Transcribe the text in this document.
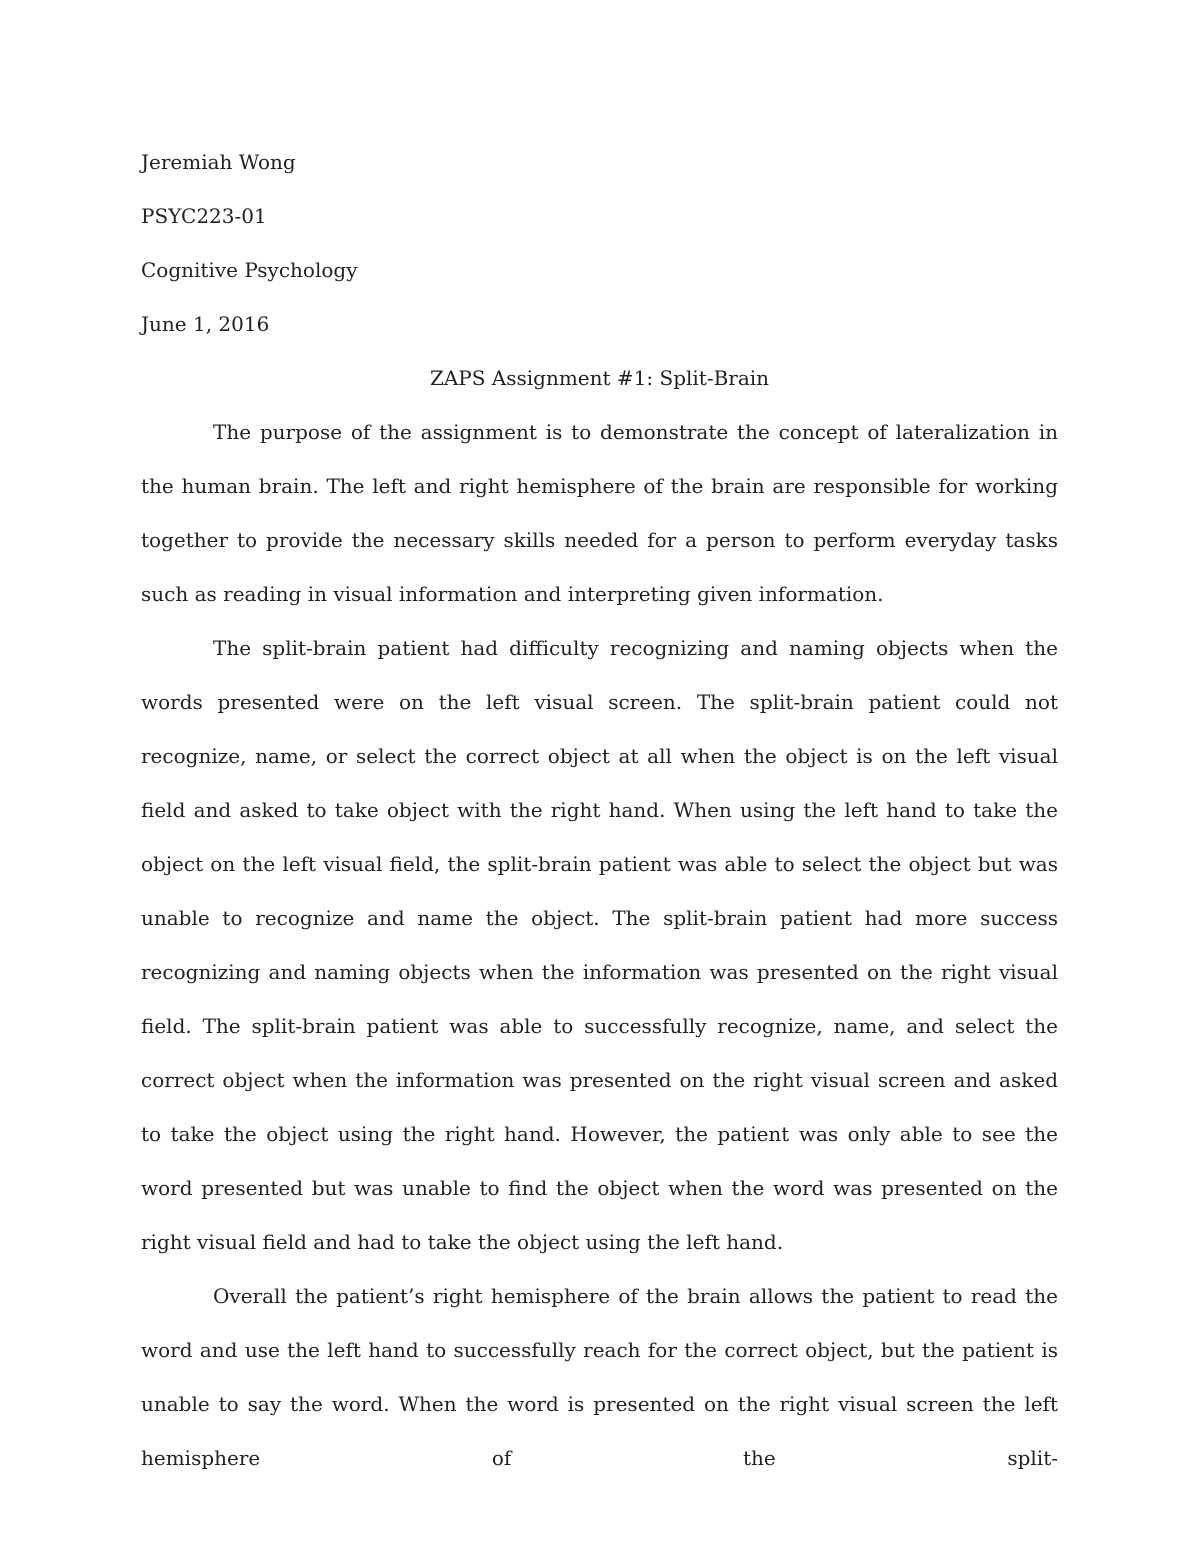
Jeremiah Wong
PSYC223-01
Cognitive Psychology
June 1, 2016
ZAPS Assignment #1: Split-Brain

The purpose of the assignment is to demonstrate the concept of lateralization in the human brain. The left and right hemisphere of the brain are responsible for working together to provide the necessary skills needed for a person to perform everyday tasks such as reading in visual information and interpreting given information.

The split-brain patient had difficulty recognizing and naming objects when the words presented were on the left visual screen. The split-brain patient could not recognize, name, or select the correct object at all when the object is on the left visual field and asked to take object with the right hand. When using the left hand to take the object on the left visual field, the split-brain patient was able to select the object but was unable to recognize and name the object. The split-brain patient had more success recognizing and naming objects when the information was presented on the right visual field. The split-brain patient was able to successfully recognize, name, and select the correct object when the information was presented on the right visual screen and asked to take the object using the right hand. However, the patient was only able to see the word presented but was unable to find the object when the word was presented on the right visual field and had to take the object using the left hand.

Overall the patient’s right hemisphere of the brain allows the patient to read the word and use the left hand to successfully reach for the correct object, but the patient is unable to say the word. When the word is presented on the right visual screen the left hemisphere of the split-
